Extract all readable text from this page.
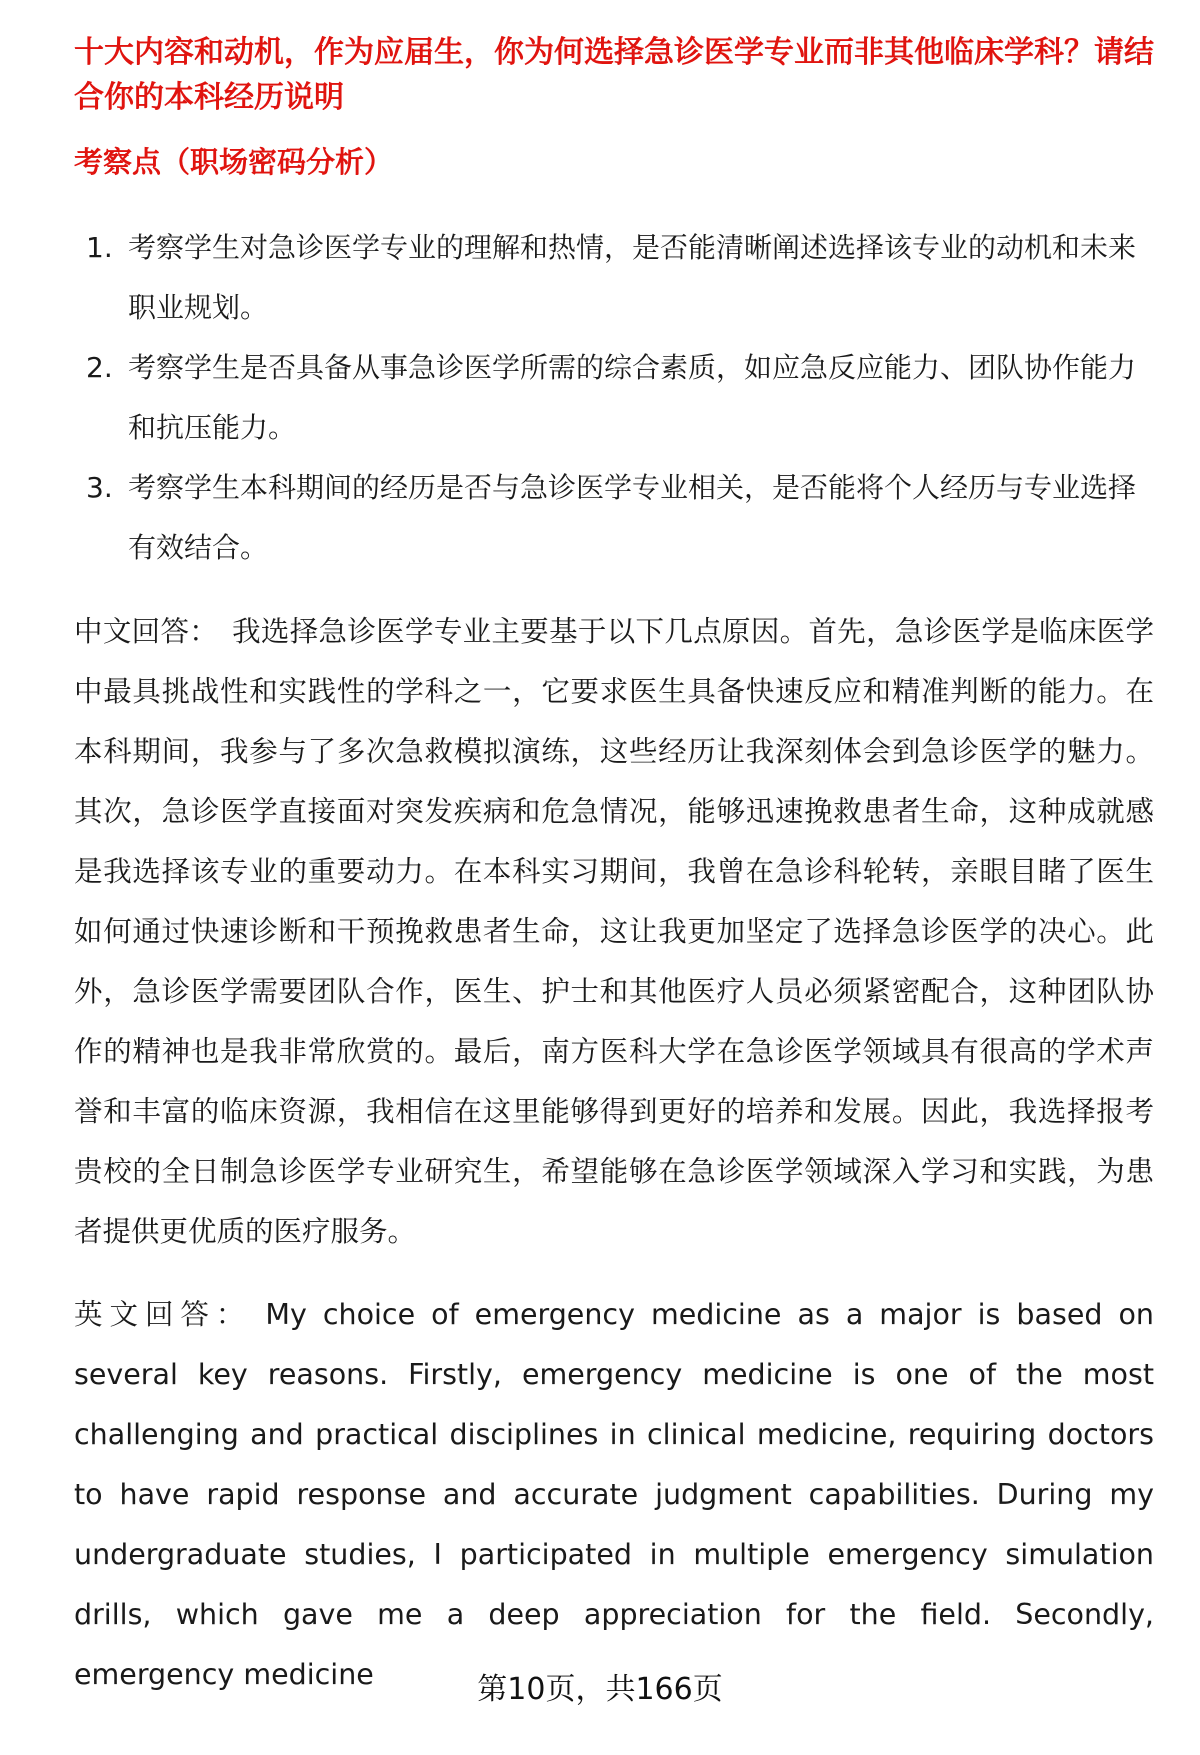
十大内容和动机，作为应届生，你为何选择急诊医学专业而非其他临床学科？请结合你的本科经历说明

考察点（职场密码分析）

1. 考察学生对急诊医学专业的理解和热情，是否能清晰阐述选择该专业的动机和未来职业规划。
2. 考察学生是否具备从事急诊医学所需的综合素质，如应急反应能力、团队协作能力和抗压能力。
3. 考察学生本科期间的经历是否与急诊医学专业相关，是否能将个人经历与专业选择有效结合。

中文回答： 我选择急诊医学专业主要基于以下几点原因。首先，急诊医学是临床医学中最具挑战性和实践性的学科之一，它要求医生具备快速反应和精准判断的能力。在本科期间，我参与了多次急救模拟演练，这些经历让我深刻体会到急诊医学的魅力。其次，急诊医学直接面对突发疾病和危急情况，能够迅速挽救患者生命，这种成就感是我选择该专业的重要动力。在本科实习期间，我曾在急诊科轮转，亲眼目睹了医生如何通过快速诊断和干预挽救患者生命，这让我更加坚定了选择急诊医学的决心。此外，急诊医学需要团队合作，医生、护士和其他医疗人员必须紧密配合，这种团队协作的精神也是我非常欣赏的。最后，南方医科大学在急诊医学领域具有很高的学术声誉和丰富的临床资源，我相信在这里能够得到更好的培养和发展。因此，我选择报考贵校的全日制急诊医学专业研究生，希望能够在急诊医学领域深入学习和实践，为患者提供更优质的医疗服务。

英文回答： My choice of emergency medicine as a major is based on several key reasons. Firstly, emergency medicine is one of the most challenging and practical disciplines in clinical medicine, requiring doctors to have rapid response and accurate judgment capabilities. During my undergraduate studies, I participated in multiple emergency simulation drills, which gave me a deep appreciation for the field. Secondly, emergency medicine	第10页，共166页
